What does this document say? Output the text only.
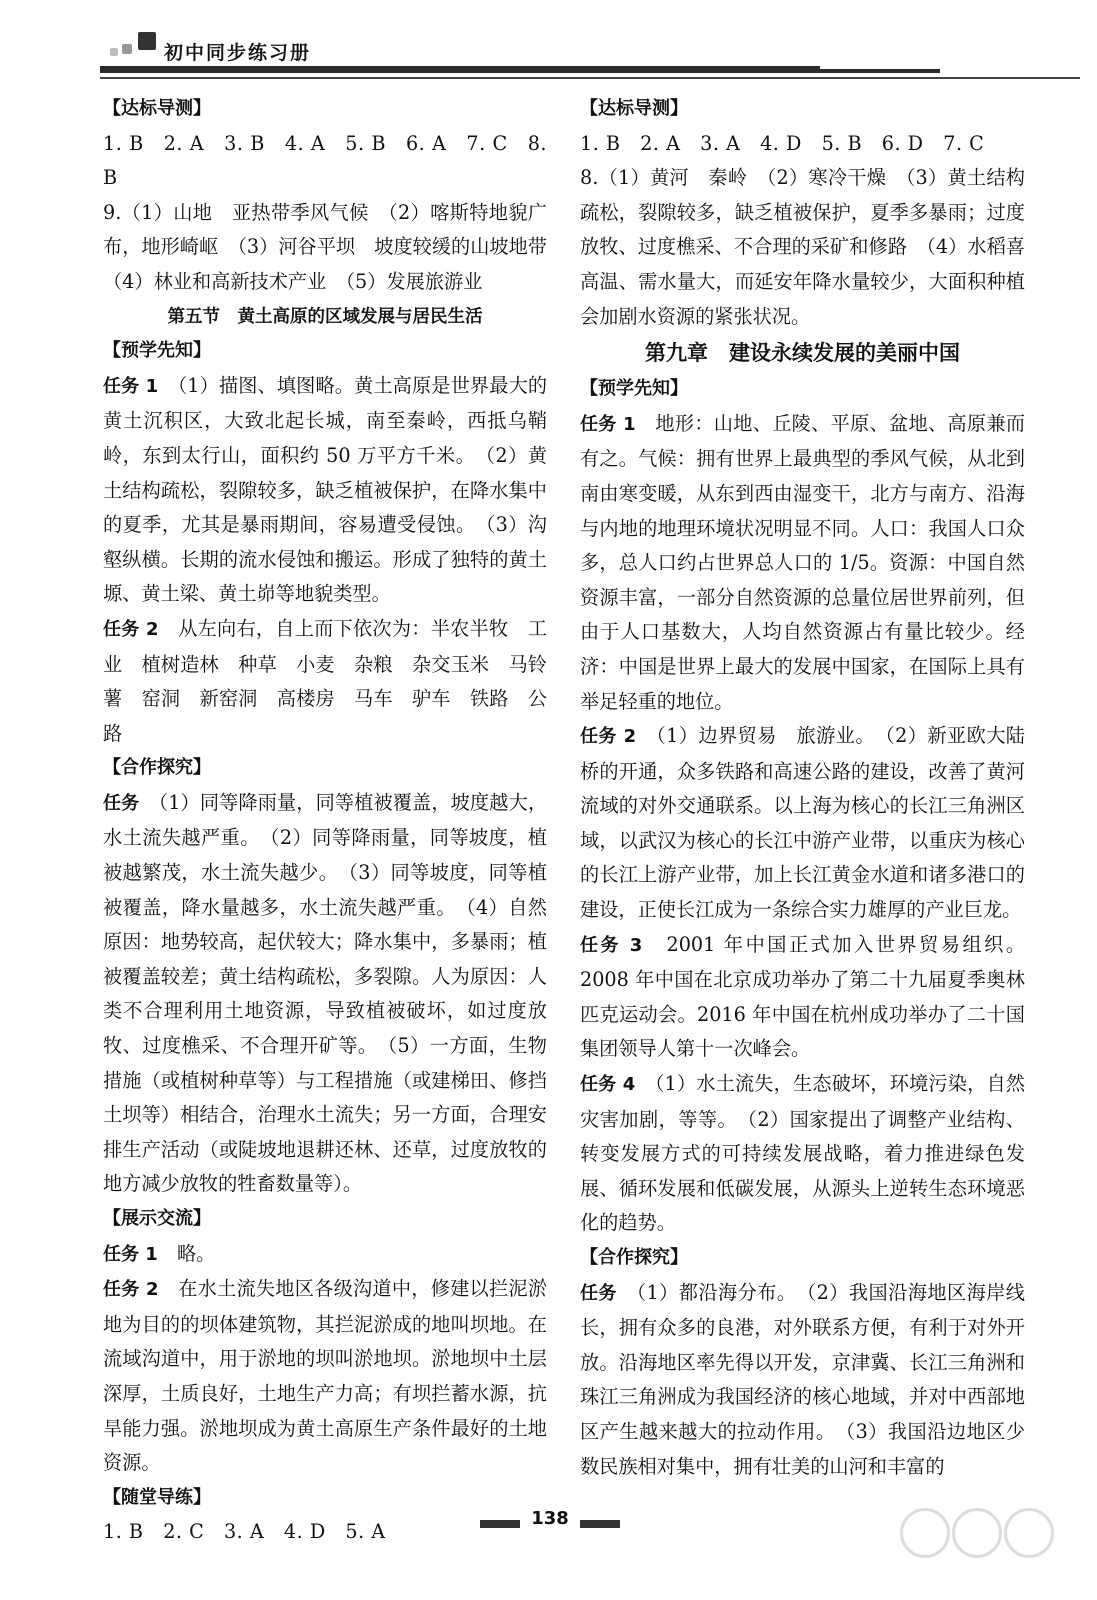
初中同步练习册
【达标导测】

1. B　2. A　3. B　4. A　5. B　6. A　7. C　8. B

9.（1）山地　亚热带季风气候　（2）喀斯特地貌广布，地形崎岖　（3）河谷平坝　坡度较缓的山坡地带　（4）林业和高新技术产业　（5）发展旅游业

第五节　黄土高原的区域发展与居民生活

【预学先知】

任务 1　 （1）描图、填图略。黄土高原是世界最大的黄土沉积区，大致北起长城，南至秦岭，西抵乌鞘岭，东到太行山，面积约 50 万平方千米。　（2）黄土结构疏松，裂隙较多，缺乏植被保护，在降水集中的夏季，尤其是暴雨期间，容易遭受侵蚀。　（3）沟壑纵横。长期的流水侵蚀和搬运。形成了独特的黄土塬、黄土梁、黄土峁等地貌类型。

任务 2　 从左向右，自上而下依次为：半农半牧　工业　植树造林　种草　小麦　杂粮　杂交玉米　马铃薯　窑洞　新窑洞　高楼房　马车　驴车　铁路　公路

【合作探究】

任务　 （1）同等降雨量，同等植被覆盖，坡度越大，水土流失越严重。　（2）同等降雨量，同等坡度，植被越繁茂，水土流失越少。　（3）同等坡度，同等植被覆盖，降水量越多，水土流失越严重。　（4）自然原因：地势较高，起伏较大；降水集中，多暴雨；植被覆盖较差；黄土结构疏松，多裂隙。人为原因：人类不合理利用土地资源，导致植被破坏，如过度放牧、过度樵采、不合理开矿等。　（5）一方面，生物措施（或植树种草等）与工程措施（或建梯田、修挡土坝等）相结合，治理水土流失；另一方面，合理安排生产活动（或陡坡地退耕还林、还草，过度放牧的地方减少放牧的牲畜数量等）。

【展示交流】

任务 1　 略。

任务 2　 在水土流失地区各级沟道中，修建以拦泥淤地为目的的坝体建筑物，其拦泥淤成的地叫坝地。在流域沟道中，用于淤地的坝叫淤地坝。淤地坝中土层深厚，土质良好，土地生产力高；有坝拦蓄水源，抗旱能力强。淤地坝成为黄土高原生产条件最好的土地资源。

【随堂导练】

1. B　2. C　3. A　4. D　5. A

【达标导测】

1. B　2. A　3. A　4. D　5. B　6. D　7. C

8.（1）黄河　秦岭　（2）寒冷干燥　（3）黄土结构疏松，裂隙较多，缺乏植被保护，夏季多暴雨；过度放牧、过度樵采、不合理的采矿和修路　（4）水稻喜高温、需水量大，而延安年降水量较少，大面积种植会加剧水资源的紧张状况。

第九章　建设永续发展的美丽中国

【预学先知】

任务 1　 地形：山地、丘陵、平原、盆地、高原兼而有之。气候：拥有世界上最典型的季风气候，从北到南由寒变暖，从东到西由湿变干，北方与南方、沿海与内地的地理环境状况明显不同。人口：我国人口众多，总人口约占世界总人口的 1/5。资源：中国自然资源丰富，一部分自然资源的总量位居世界前列，但由于人口基数大，人均自然资源占有量比较少。经济：中国是世界上最大的发展中国家，在国际上具有举足轻重的地位。

任务 2　 （1）边界贸易　旅游业。　（2）新亚欧大陆桥的开通，众多铁路和高速公路的建设，改善了黄河流域的对外交通联系。以上海为核心的长江三角洲区域，以武汉为核心的长江中游产业带，以重庆为核心的长江上游产业带，加上长江黄金水道和诸多港口的建设，正使长江成为一条综合实力雄厚的产业巨龙。

任务 3　 2001 年中国正式加入世界贸易组织。2008 年中国在北京成功举办了第二十九届夏季奥林匹克运动会。2016 年中国在杭州成功举办了二十国集团领导人第十一次峰会。

任务 4　 （1）水土流失，生态破坏，环境污染，自然灾害加剧，等等。　（2）国家提出了调整产业结构、转变发展方式的可持续发展战略，着力推进绿色发展、循环发展和低碳发展，从源头上逆转生态环境恶化的趋势。

【合作探究】

任务　 （1）都沿海分布。　（2）我国沿海地区海岸线长，拥有众多的良港，对外联系方便，有利于对外开放。沿海地区率先得以开发，京津冀、长江三角洲和珠江三角洲成为我国经济的核心地域，并对中西部地区产生越来越大的拉动作用。　（3）我国沿边地区少数民族相对集中，拥有壮美的山河和丰富的

138
